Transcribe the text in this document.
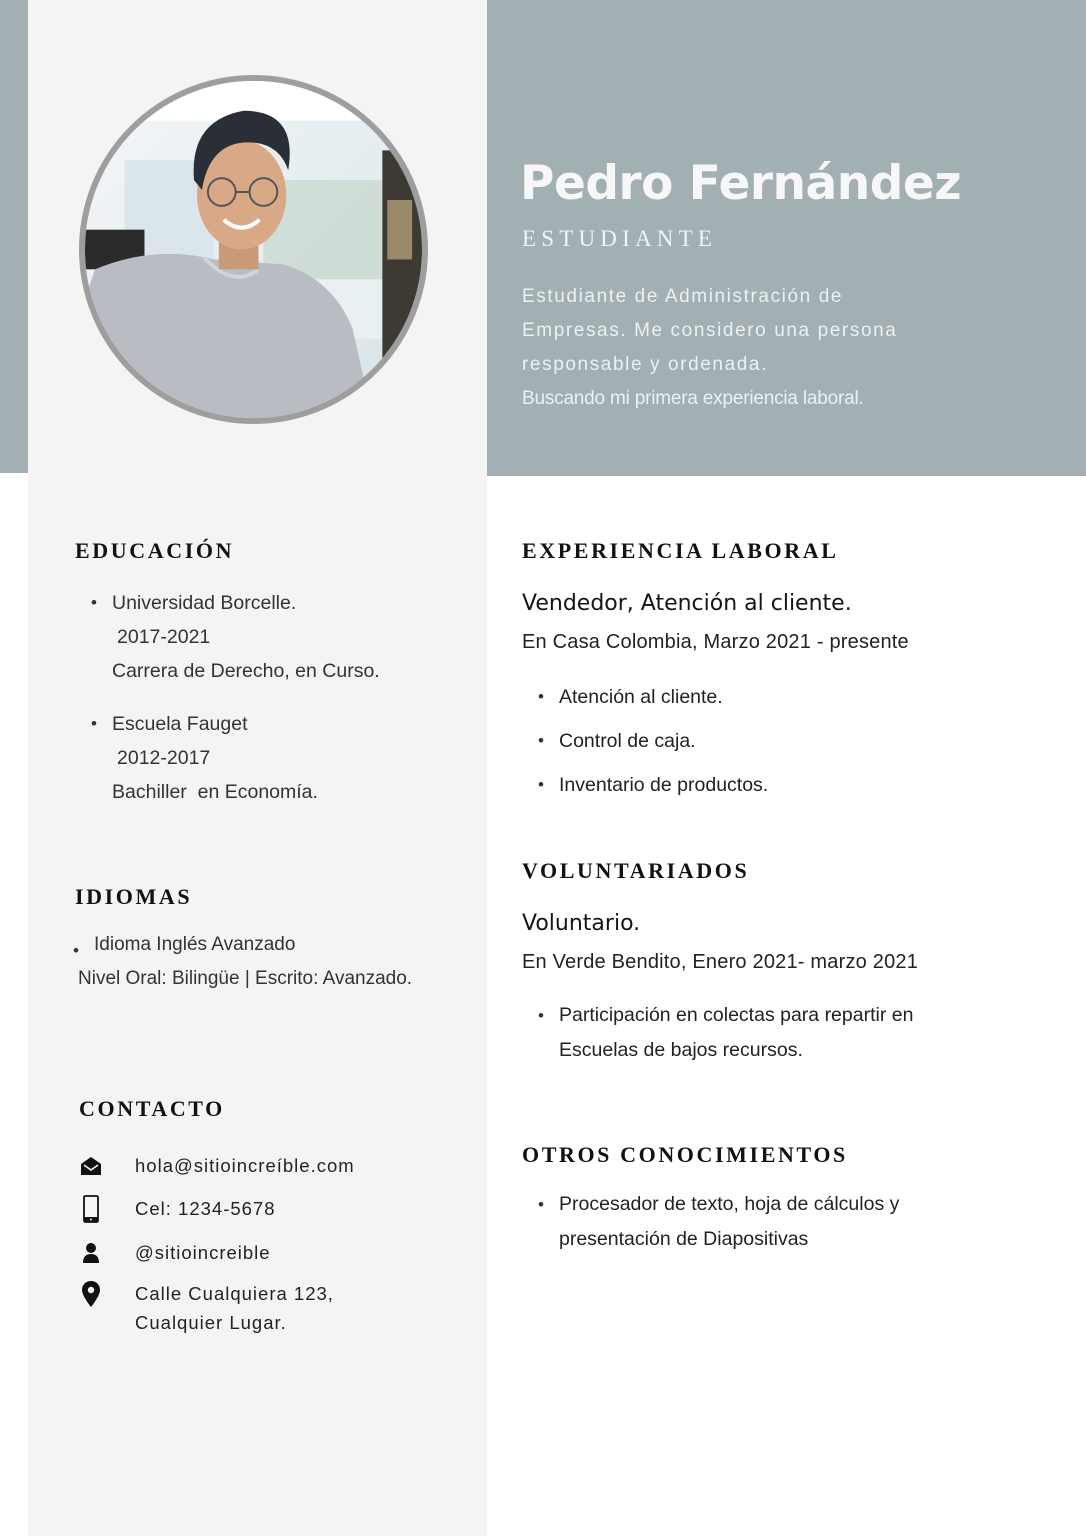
Pedro Fernández
ESTUDIANTE
Estudiante de Administración de
Empresas. Me considero una persona
responsable y ordenada.
Buscando mi primera experiencia laboral.
EDUCACIÓN
• Universidad Borcelle.
2017-2021
Carrera de Derecho, en Curso.
• Escuela Fauget
2012-2017
Bachiller  en Economía.
IDIOMAS
• Idioma Inglés Avanzado
Nivel Oral: Bilingüe | Escrito: Avanzado.
CONTACTO
hola@sitioincreíble.com
Cel: 1234-5678
@sitioincreible
Calle Cualquiera 123,
Cualquier Lugar.
EXPERIENCIA LABORAL
Vendedor, Atención al cliente.
En Casa Colombia, Marzo 2021 - presente
• Atención al cliente.
• Control de caja.
• Inventario de productos.
VOLUNTARIADOS
Voluntario.
En Verde Bendito, Enero 2021- marzo 2021
• Participación en colectas para repartir en
Escuelas de bajos recursos.
OTROS CONOCIMIENTOS
• Procesador de texto, hoja de cálculos y
presentación de Diapositivas
